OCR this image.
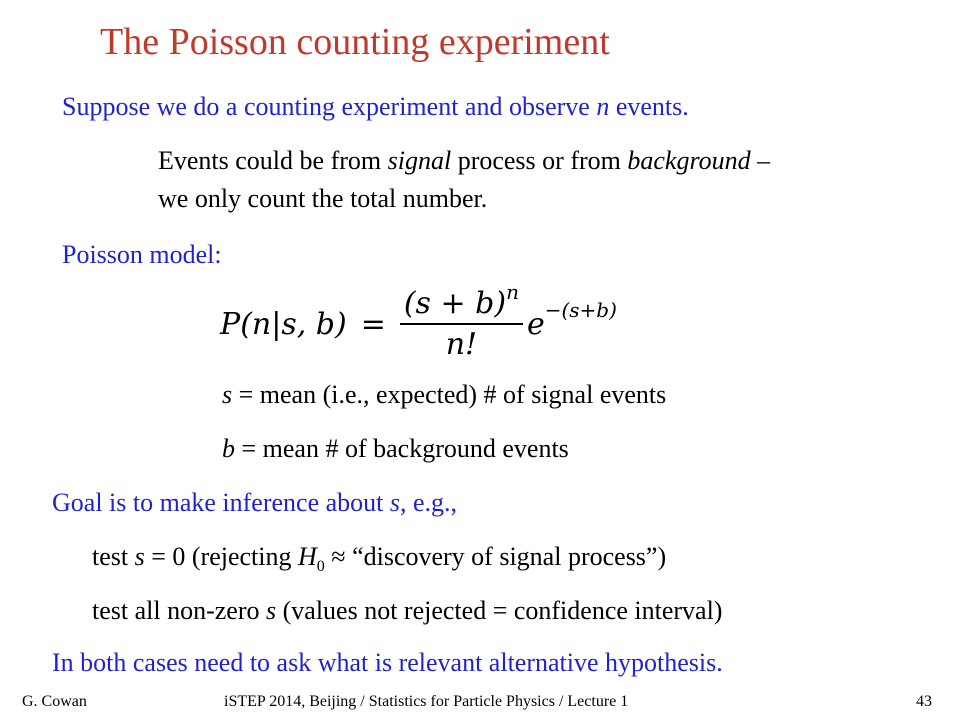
The Poisson counting experiment
Suppose we do a counting experiment and observe n events.
Events could be from signal process or from background –
we only count the total number.
Poisson model:
P (n|s, $b) = \frac{(s + b)^n}{n!}$ e −(s+b)
s = mean (i.e., expected) # of signal events
b = mean # of background events
Goal is to make inference about s, e.g.,
test s = 0 (rejecting $H_0$ ≈ “discovery of signal process”)
test all non-zero s (values not rejected = confidence interval)
In both cases need to ask what is relevant alternative hypothesis.
G. Cowan	iSTEP 2014, Beijing / Statistics for Particle Physics / Lecture 1	43
